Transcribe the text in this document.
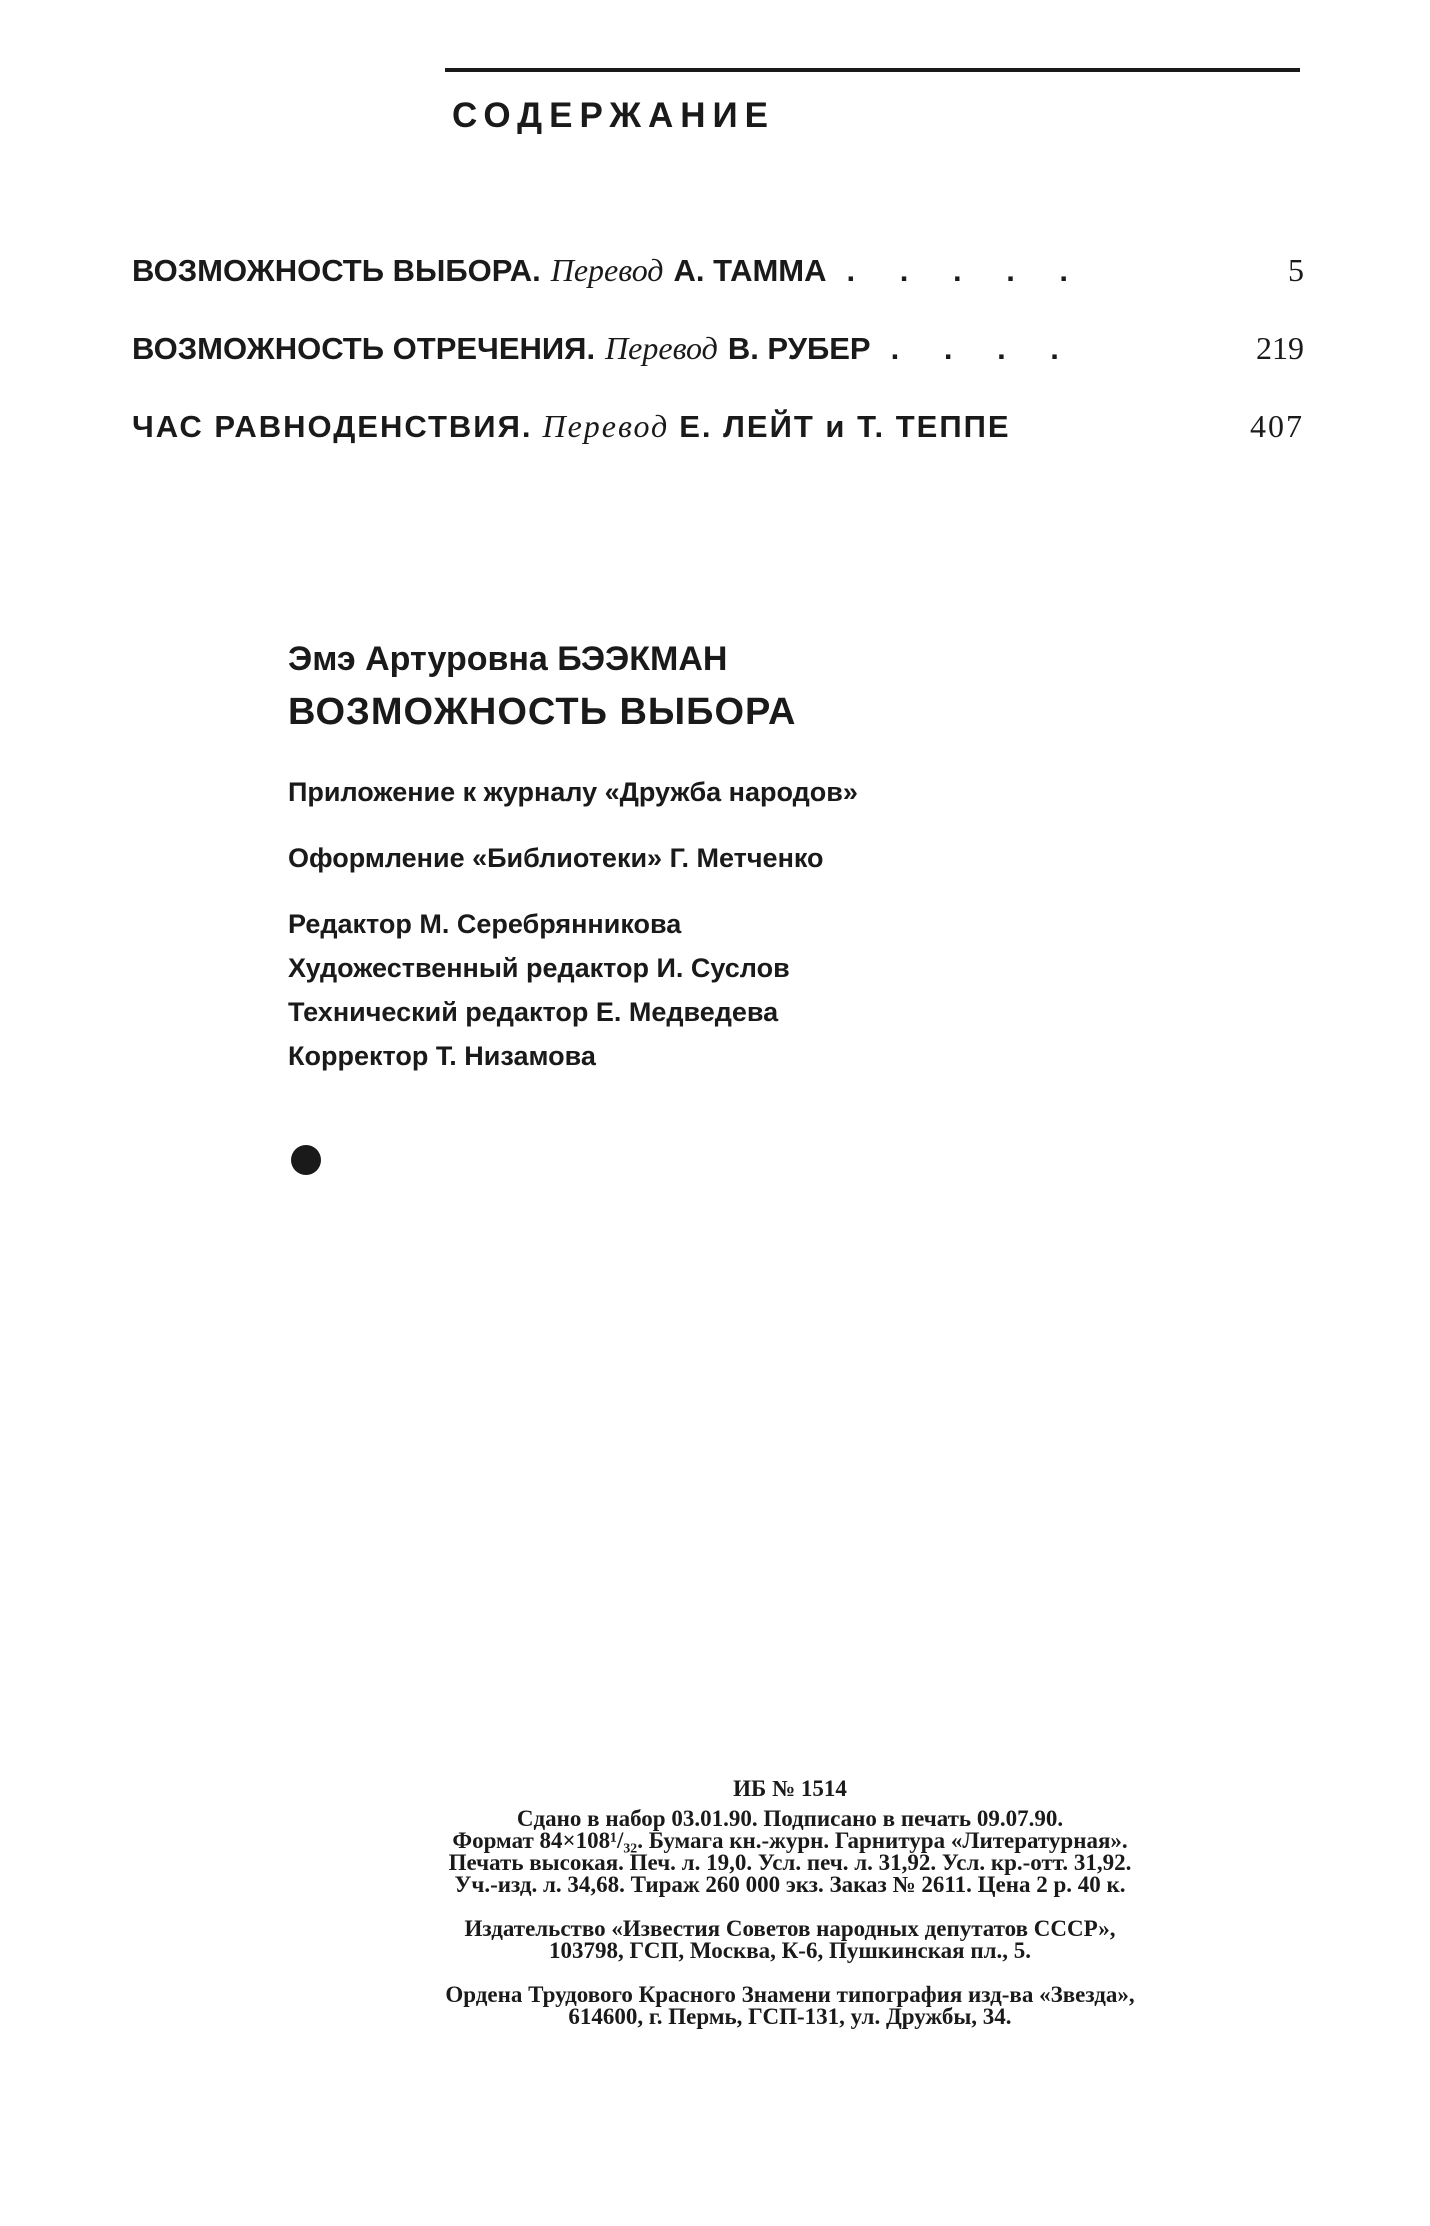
СОДЕРЖАНИЕ
ВОЗМОЖНОСТЬ ВЫБОРА. Перевод А. ТАММА . . . . .	5
ВОЗМОЖНОСТЬ ОТРЕЧЕНИЯ. Перевод В. РУБЕР . . . .	219
ЧАС РАВНОДЕНСТВИЯ. Перевод Е. ЛЕЙТ и Т. ТЕППЕ	407
Эмэ Артуровна БЭЭКМАН
ВОЗМОЖНОСТЬ ВЫБОРА
Приложение к журналу «Дружба народов»
Оформление «Библиотеки» Г. Метченко
Редактор М. Серебрянникова
Художественный редактор И. Суслов
Технический редактор Е. Медведева
Корректор Т. Низамова
ИБ № 1514
Сдано в набор 03.01.90. Подписано в печать 09.07.90.
Формат 84×108¹/₃₂. Бумага кн.-журн. Гарнитура «Литературная».
Печать высокая. Печ. л. 19,0. Усл. печ. л. 31,92. Усл. кр.-отт. 31,92.
Уч.-изд. л. 34,68. Тираж 260 000 экз. Заказ № 2611. Цена 2 р. 40 к.
Издательство «Известия Советов народных депутатов СССР»,
103798, ГСП, Москва, К-6, Пушкинская пл., 5.
Ордена Трудового Красного Знамени типография изд-ва «Звезда»,
614600, г. Пермь, ГСП-131, ул. Дружбы, 34.
